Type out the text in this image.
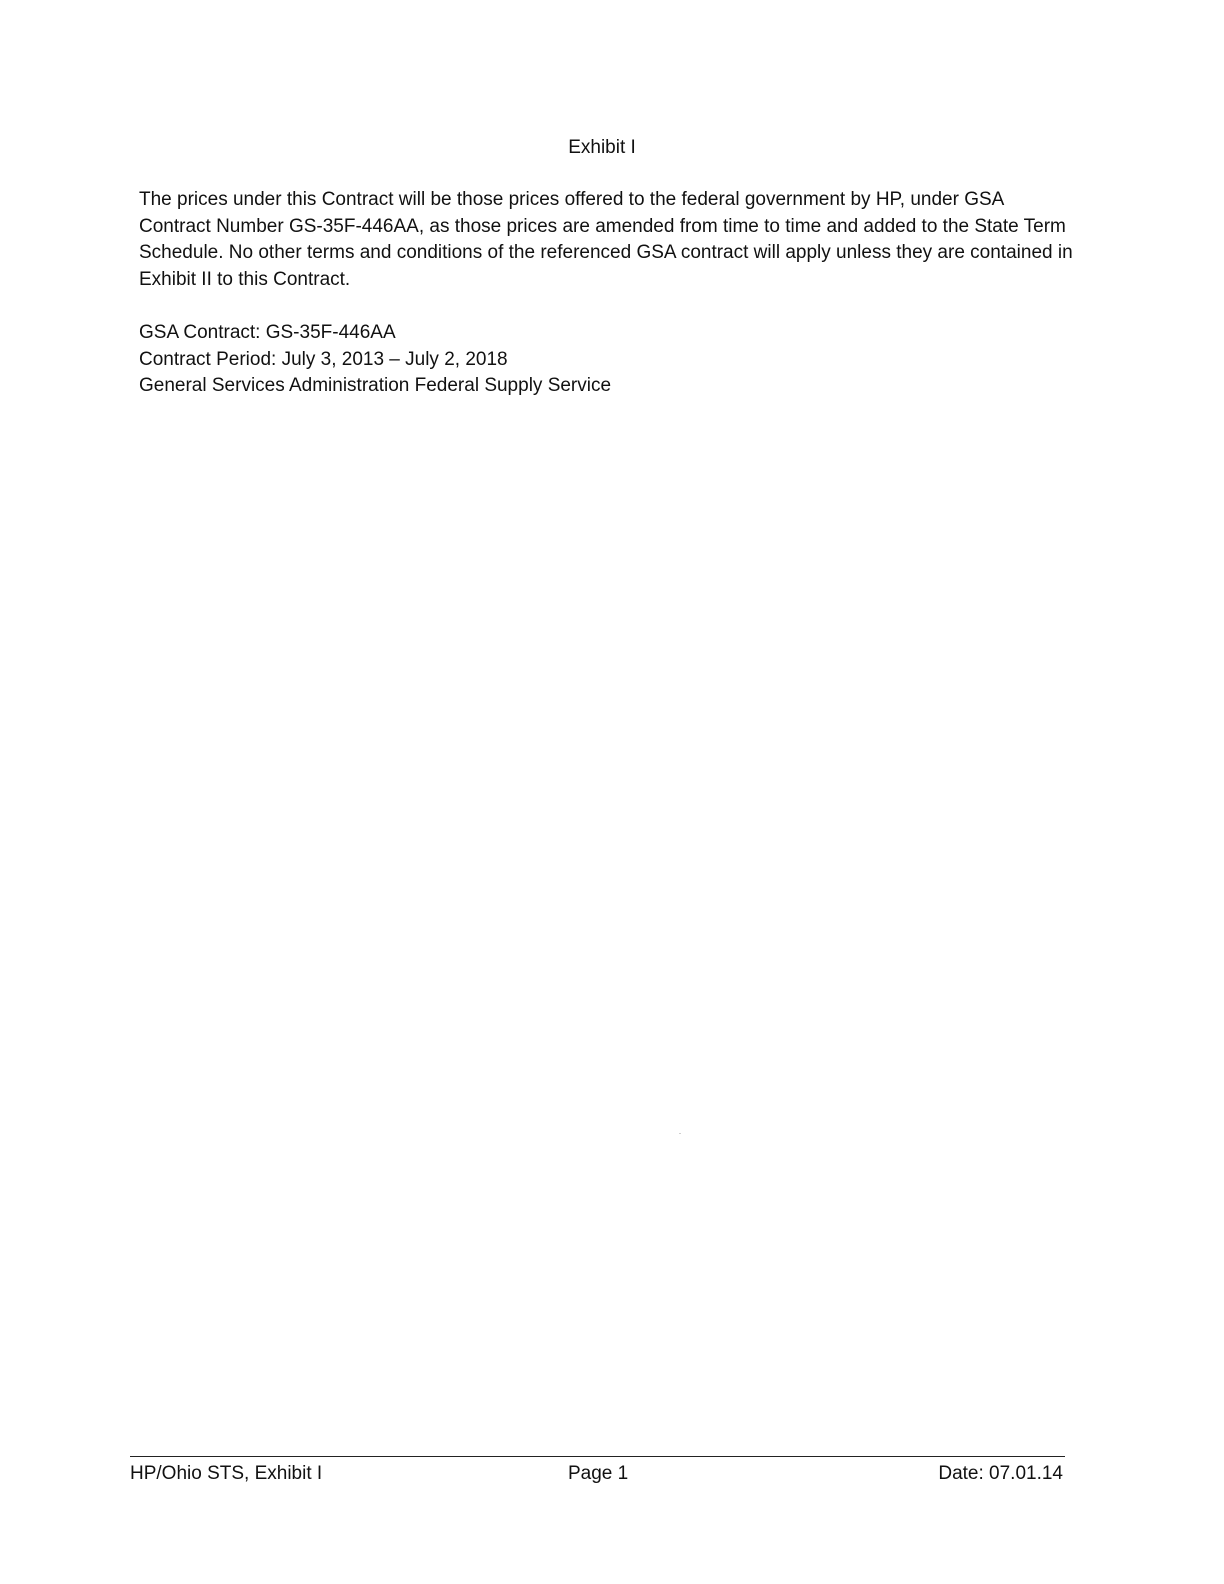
Exhibit I

The prices under this Contract will be those prices offered to the federal government by HP, under GSA Contract Number GS-35F-446AA, as those prices are amended from time to time and added to the State Term Schedule. No other terms and conditions of the referenced GSA contract will apply unless they are contained in Exhibit II to this Contract.

GSA Contract: GS-35F-446AA
Contract Period: July 3, 2013 – July 2, 2018
General Services Administration Federal Supply Service
HP/Ohio STS, Exhibit I	Page 1	Date: 07.01.14
